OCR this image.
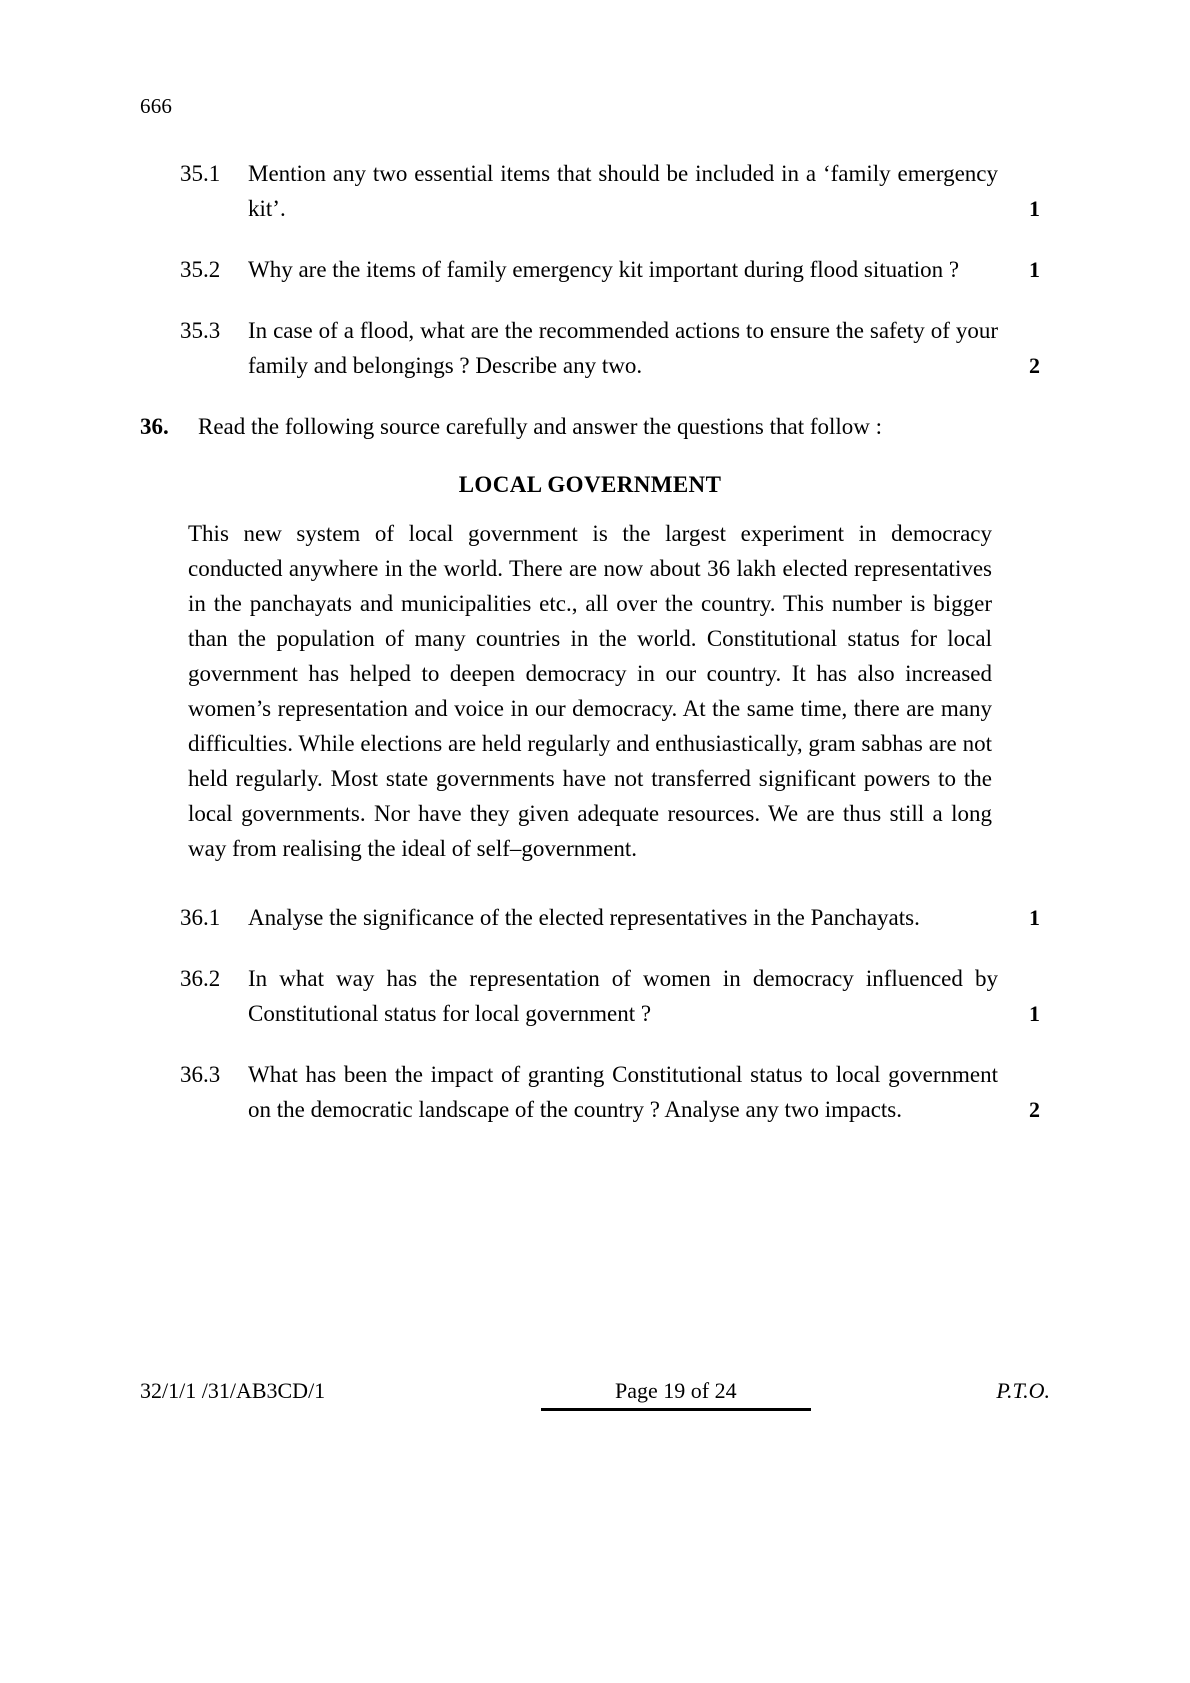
666
35.1	Mention any two essential items that should be included in a ‘family emergency kit’.	1
35.2	Why are the items of family emergency kit important during flood situation ?	1
35.3	In case of a flood, what are the recommended actions to ensure the safety of your family and belongings ? Describe any two.	2
36.	Read the following source carefully and answer the questions that follow :
LOCAL GOVERNMENT

This new system of local government is the largest experiment in democracy conducted anywhere in the world. There are now about 36 lakh elected representatives in the panchayats and municipalities etc., all over the country. This number is bigger than the population of many countries in the world. Constitutional status for local government has helped to deepen democracy in our country. It has also increased women’s representation and voice in our democracy. At the same time, there are many difficulties. While elections are held regularly and enthusiastically, gram sabhas are not held regularly. Most state governments have not transferred significant powers to the local governments. Nor have they given adequate resources. We are thus still a long way from realising the ideal of self–government.

36.1	Analyse the significance of the elected representatives in the Panchayats.	1
36.2	In what way has the representation of women in democracy influenced by Constitutional status for local government ?	1
36.3	What has been the impact of granting Constitutional status to local government on the democratic landscape of the country ? Analyse any two impacts.	2
32/1/1 /31/AB3CD/1	Page 19 of 24	P.T.O.
